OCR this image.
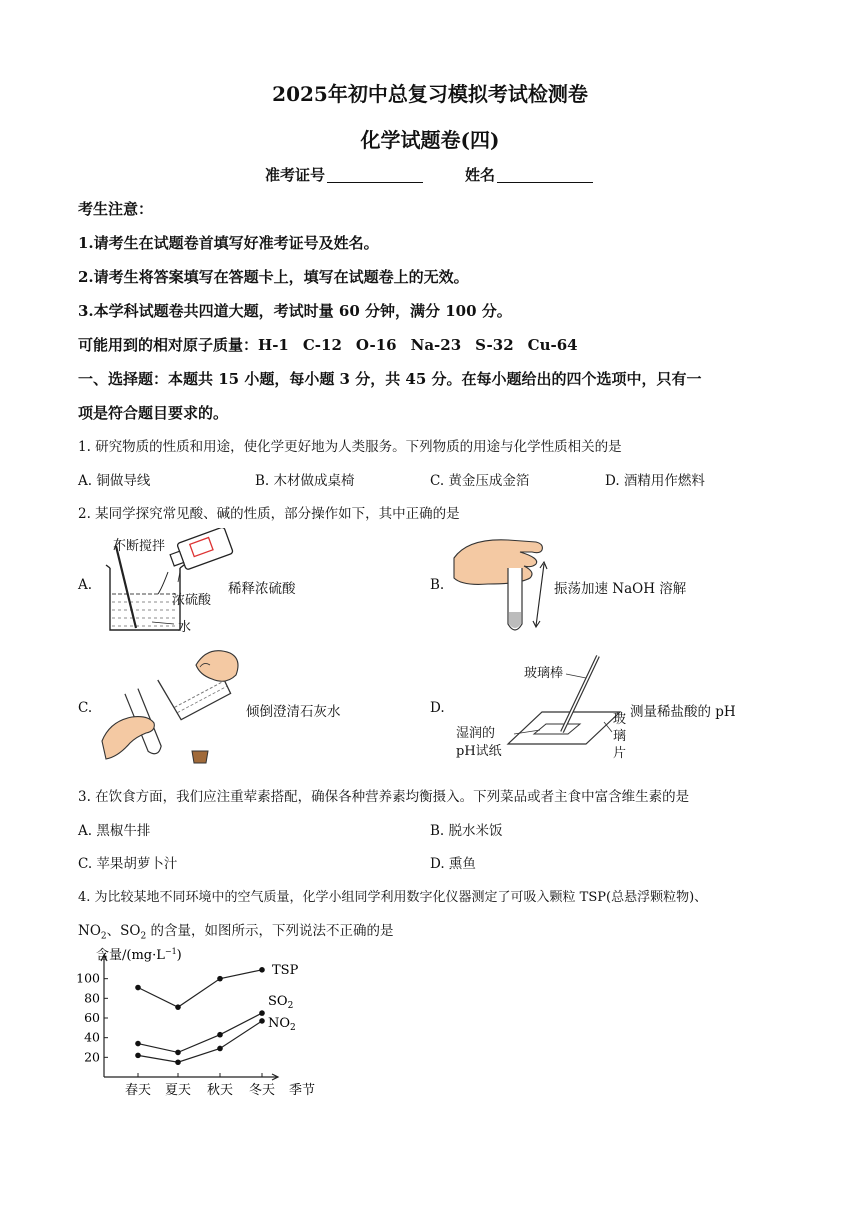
2025年初中总复习模拟考试检测卷
化学试题卷(四)
准考证号	姓名
考生注意：
1.请考生在试题卷首填写好准考证号及姓名。
2.请考生将答案填写在答题卡上，填写在试题卷上的无效。
3.本学科试题卷共四道大题，考试时量 60 分钟，满分 100 分。
可能用到的相对原子质量：H-1 C-12 O-16 Na-23 S-32 Cu-64
一、选择题：本题共 15 小题，每小题 3 分，共 45 分。在每小题给出的四个选项中，只有一
项是符合题目要求的。
1. 研究物质的性质和用途，使化学更好地为人类服务。下列物质的用途与化学性质相关的是
A. 铜做导线	B. 木材做成桌椅	C. 黄金压成金箔	D. 酒精用作燃料
2. 某同学探究常见酸、碱的性质，部分操作如下，其中正确的是
A.
不断搅拌
浓硫酸
水
稀释浓硫酸	B.	振荡加速 NaOH 溶解
C.	倾倒澄清石灰水	D.
玻璃棒
湿润的
pH试纸
玻
璃
片
测量稀盐酸的 pH
3. 在饮食方面，我们应注重荤素搭配，确保各种营养素均衡摄入。下列菜品或者主食中富含维生素的是
A. 黑椒牛排	B. 脱水米饭
C. 苹果胡萝卜汁	D. 熏鱼
4. 为比较某地不同环境中的空气质量，化学小组同学利用数字化仪器测定了可吸入颗粒 TSP(总悬浮颗粒物)、
$NO_2$、$SO_2$ 的含量，如图所示，下列说法不正确的是
20
40
60
80
100
春天 夏天 秋天 冬天
含量$/(mg\cdot L^{-1})$
季节
TSP
$SO_2$
$NO_2$
